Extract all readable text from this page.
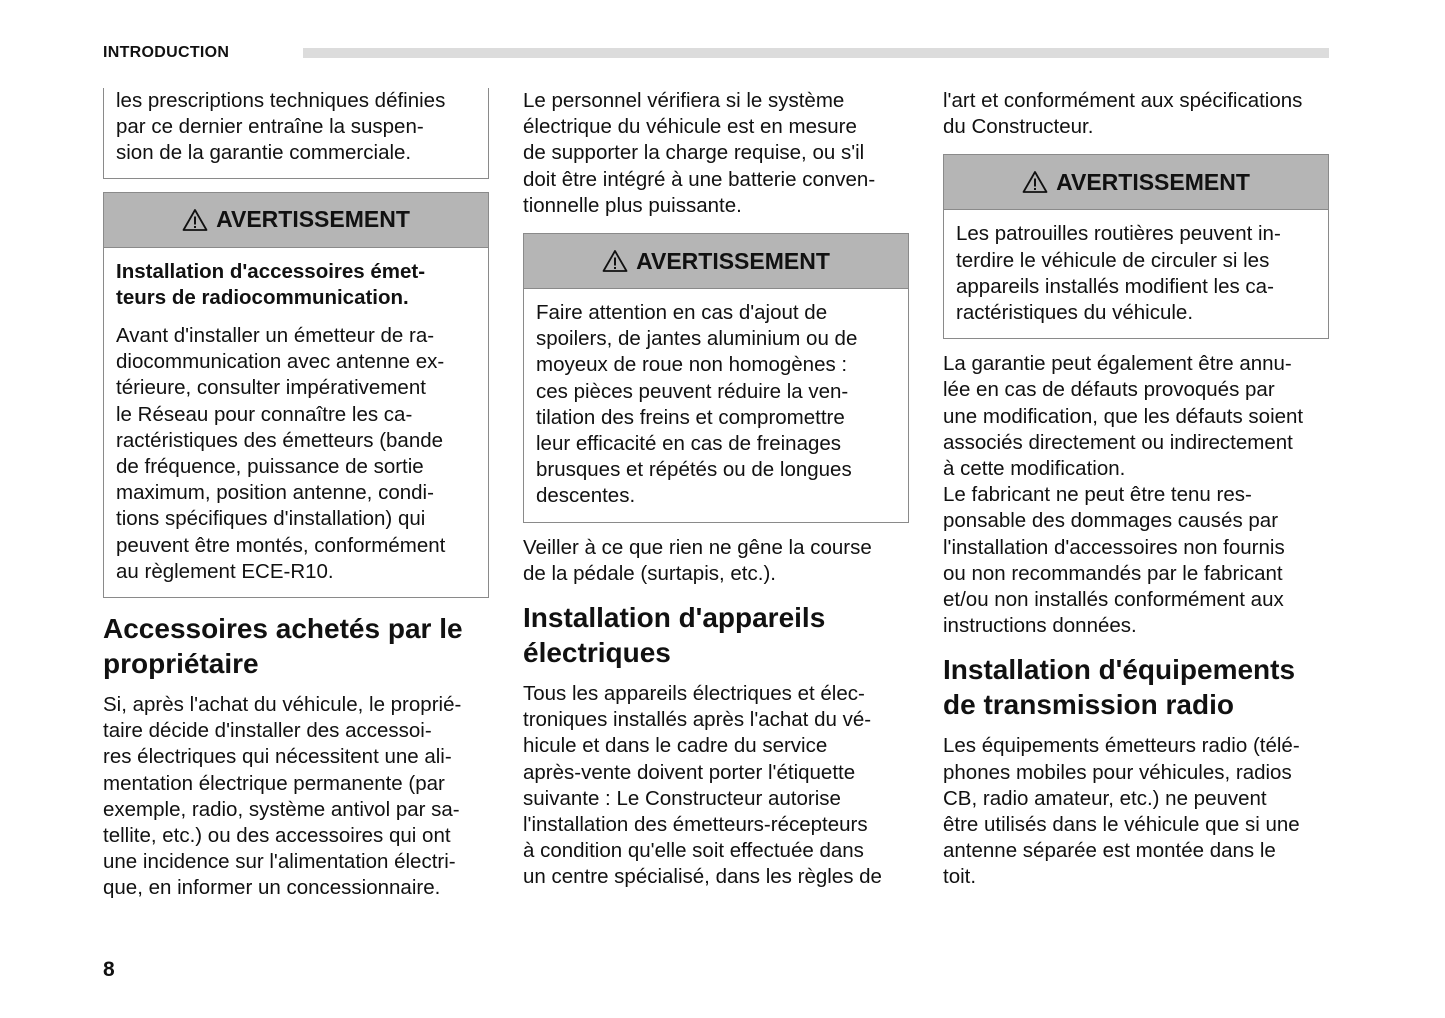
INTRODUCTION

les prescriptions techniques définies
par ce dernier entraîne la suspen-
sion de la garantie commerciale.

AVERTISSEMENT

Installation d'accessoires émet-
teurs de radiocommunication.

Avant d'installer un émetteur de ra-
diocommunication avec antenne ex-
térieure, consulter impérativement
le Réseau pour connaître les ca-
ractéristiques des émetteurs (bande
de fréquence, puissance de sortie
maximum, position antenne, condi-
tions spécifiques d'installation) qui
peuvent être montés, conformément
au règlement ECE-R10.

Accessoires achetés par le
propriétaire

Si, après l'achat du véhicule, le proprié-
taire décide d'installer des accessoi-
res électriques qui nécessitent une ali-
mentation électrique permanente (par
exemple, radio, système antivol par sa-
tellite, etc.) ou des accessoires qui ont
une incidence sur l'alimentation électri-
que, en informer un concessionnaire.

Le personnel vérifiera si le système
électrique du véhicule est en mesure
de supporter la charge requise, ou s'il
doit être intégré à une batterie conven-
tionnelle plus puissante.

AVERTISSEMENT

Faire attention en cas d'ajout de
spoilers, de jantes aluminium ou de
moyeux de roue non homogènes :
ces pièces peuvent réduire la ven-
tilation des freins et compromettre
leur efficacité en cas de freinages
brusques et répétés ou de longues
descentes.

Veiller à ce que rien ne gêne la course
de la pédale (surtapis, etc.).

Installation d'appareils
électriques

Tous les appareils électriques et élec-
troniques installés après l'achat du vé-
hicule et dans le cadre du service
après-vente doivent porter l'étiquette
suivante : Le Constructeur autorise
l'installation des émetteurs-récepteurs
à condition qu'elle soit effectuée dans
un centre spécialisé, dans les règles de

l'art et conformément aux spécifications
du Constructeur.

AVERTISSEMENT

Les patrouilles routières peuvent in-
terdire le véhicule de circuler si les
appareils installés modifient les ca-
ractéristiques du véhicule.

La garantie peut également être annu-
lée en cas de défauts provoqués par
une modification, que les défauts soient
associés directement ou indirectement
à cette modification.
Le fabricant ne peut être tenu res-
ponsable des dommages causés par
l'installation d'accessoires non fournis
ou non recommandés par le fabricant
et/ou non installés conformément aux
instructions données.

Installation d'équipements
de transmission radio

Les équipements émetteurs radio (télé-
phones mobiles pour véhicules, radios
CB, radio amateur, etc.) ne peuvent
être utilisés dans le véhicule que si une
antenne séparée est montée dans le
toit.

8
